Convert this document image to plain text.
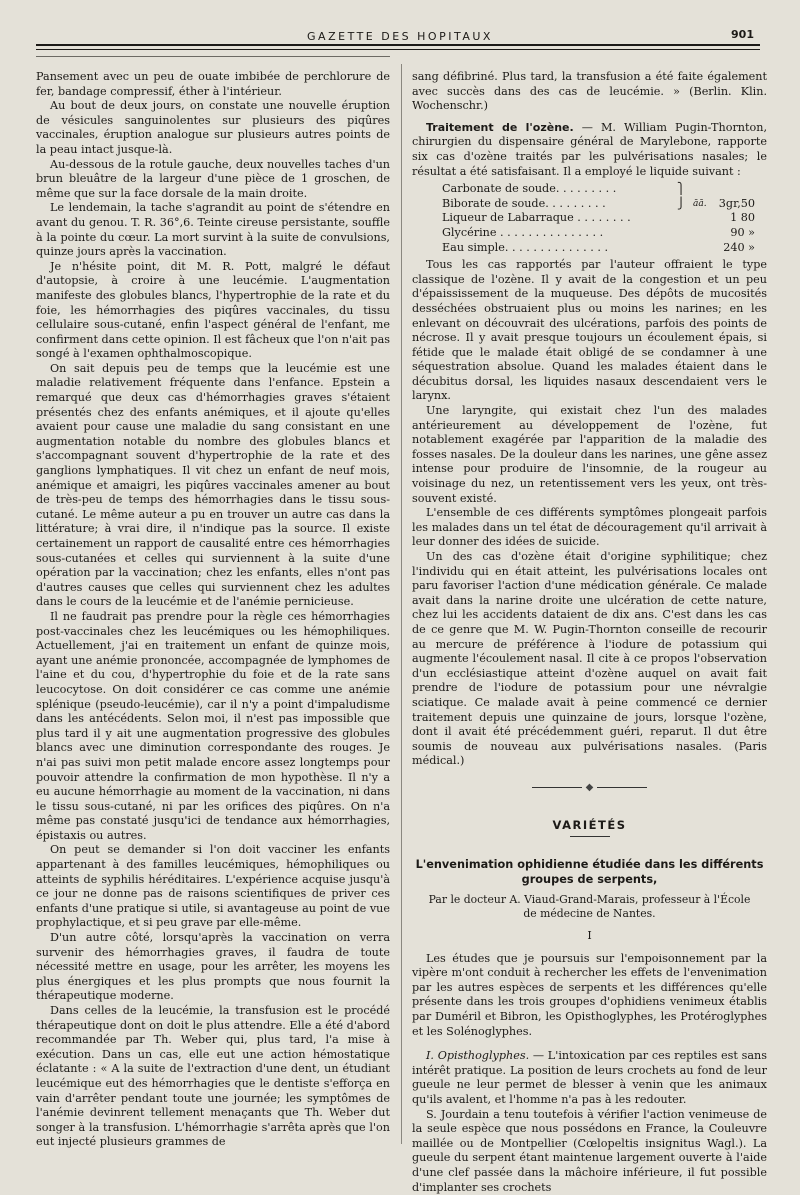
GAZETTE DES HOPITAUX	901

Pansement avec un peu de ouate imbibée de perchlorure de fer, bandage compressif, éther à l'intérieur.

Au bout de deux jours, on constate une nouvelle éruption de vésicules sanguinolentes sur plusieurs des piqûres vaccinales, éruption analogue sur plusieurs autres points de la peau intact jusque-là.

Au-dessous de la rotule gauche, deux nouvelles taches d'un brun bleuâtre de la largeur d'une pièce de 1 groschen, de même que sur la face dorsale de la main droite.

Le lendemain, la tache s'agrandit au point de s'étendre en avant du genou. T. R. 36°,6. Teinte cireuse persistante, souffle à la pointe du cœur. La mort survint à la suite de convulsions, quinze jours après la vaccination.

Je n'hésite point, dit M. R. Pott, malgré le défaut d'autopsie, à croire à une leucémie. L'augmentation manifeste des globules blancs, l'hypertrophie de la rate et du foie, les hémorrhagies des piqûres vaccinales, du tissu cellulaire sous-cutané, enfin l'aspect général de l'enfant, me confirment dans cette opinion. Il est fâcheux que l'on n'ait pas songé à l'examen ophthalmoscopique.

On sait depuis peu de temps que la leucémie est une maladie relativement fréquente dans l'enfance. Epstein a remarqué que deux cas d'hémorrhagies graves s'étaient présentés chez des enfants anémiques, et il ajoute qu'elles avaient pour cause une maladie du sang consistant en une augmentation notable du nombre des globules blancs et s'accompagnant souvent d'hypertrophie de la rate et des ganglions lymphatiques. Il vit chez un enfant de neuf mois, anémique et amaigri, les piqûres vaccinales amener au bout de très-peu de temps des hémorrhagies dans le tissu sous-cutané. Le même auteur a pu en trouver un autre cas dans la littérature; à vrai dire, il n'indique pas la source. Il existe certainement un rapport de causalité entre ces hémorrhagies sous-cutanées et celles qui surviennent à la suite d'une opération par la vaccination; chez les enfants, elles n'ont pas d'autres causes que celles qui surviennent chez les adultes dans le cours de la leucémie et de l'anémie pernicieuse.

Il ne faudrait pas prendre pour la règle ces hémorrhagies post-vaccinales chez les leucémiques ou les hémophiliques. Actuellement, j'ai en traitement un enfant de quinze mois, ayant une anémie prononcée, accompagnée de lymphomes de l'aine et du cou, d'hypertrophie du foie et de la rate sans leucocytose. On doit considérer ce cas comme une anémie splénique (pseudo-leucémie), car il n'y a point d'impaludisme dans les antécédents. Selon moi, il n'est pas impossible que plus tard il y ait une augmentation progressive des globules blancs avec une diminution correspondante des rouges. Je n'ai pas suivi mon petit malade encore assez longtemps pour pouvoir attendre la confirmation de mon hypothèse. Il n'y a eu aucune hémorrhagie au moment de la vaccination, ni dans le tissu sous-cutané, ni par les orifices des piqûres. On n'a même pas constaté jusqu'ici de tendance aux hémorrhagies, épistaxis ou autres.

On peut se demander si l'on doit vacciner les enfants appartenant à des familles leucémiques, hémophiliques ou atteints de syphilis héréditaires. L'expérience acquise jusqu'à ce jour ne donne pas de raisons scientifiques de priver ces enfants d'une pratique si utile, si avantageuse au point de vue prophylactique, et si peu grave par elle-même.

D'un autre côté, lorsqu'après la vaccination on verra survenir des hémorrhagies graves, il faudra de toute nécessité mettre en usage, pour les arrêter, les moyens les plus énergiques et les plus prompts que nous fournit la thérapeutique moderne.

Dans celles de la leucémie, la transfusion est le procédé thérapeutique dont on doit le plus attendre. Elle a été d'abord recommandée par Th. Weber qui, plus tard, l'a mise à exécution. Dans un cas, elle eut une action hémostatique éclatante : « A la suite de l'extraction d'une dent, un étudiant leucémique eut des hémorrhagies que le dentiste s'efforça en vain d'arrêter pendant toute une journée; les symptômes de l'anémie devinrent tellement menaçants que Th. Weber dut songer à la transfusion. L'hémorrhagie s'arrêta après que l'on eut injecté plusieurs grammes de

sang défibriné. Plus tard, la transfusion a été faite également avec succès dans des cas de leucémie. » (Berlin. Klin. Wochenschr.)

Traitement de l'ozène. — M. William Pugin-Thornton, chirurgien du dispensaire général de Marylebone, rapporte six cas d'ozène traités par les pulvérisations nasales; le résultat a été satisfaisant. Il a employé le liquide suivant :

Carbonate de soude. . . . . . . . .	⎫
Biborate de soude. . . . . . . . .	⎭ āā.	3gr,50
Liqueur de Labarraque . . . . . . . .	1 80
Glycérine . . . . . . . . . . . . . . .	90 »
Eau simple. . . . . . . . . . . . . . .	240 »

Tous les cas rapportés par l'auteur offraient le type classique de l'ozène. Il y avait de la congestion et un peu d'épaississement de la muqueuse. Des dépôts de mucosités desséchées obstruaient plus ou moins les narines; en les enlevant on découvrait des ulcérations, parfois des points de nécrose. Il y avait presque toujours un écoulement épais, si fétide que le malade était obligé de se condamner à une séquestration absolue. Quand les malades étaient dans le décubitus dorsal, les liquides nasaux descendaient vers le larynx.

Une laryngite, qui existait chez l'un des malades antérieurement au développement de l'ozène, fut notablement exagérée par l'apparition de la maladie des fosses nasales. De la douleur dans les narines, une gêne assez intense pour produire de l'insomnie, de la rougeur au voisinage du nez, un retentissement vers les yeux, ont très-souvent existé.

L'ensemble de ces différents symptômes plongeait parfois les malades dans un tel état de découragement qu'il arrivait à leur donner des idées de suicide.

Un des cas d'ozène était d'origine syphilitique; chez l'individu qui en était atteint, les pulvérisations locales ont paru favoriser l'action d'une médication générale. Ce malade avait dans la narine droite une ulcération de cette nature, chez lui les accidents dataient de dix ans. C'est dans les cas de ce genre que M. W. Pugin-Thornton conseille de recourir au mercure de préférence à l'iodure de potassium qui augmente l'écoulement nasal. Il cite à ce propos l'observation d'un ecclésiastique atteint d'ozène auquel on avait fait prendre de l'iodure de potassium pour une névralgie sciatique. Ce malade avait à peine commencé ce dernier traitement depuis une quinzaine de jours, lorsque l'ozène, dont il avait été précédemment guéri, reparut. Il dut être soumis de nouveau aux pulvérisations nasales. (Paris médical.)

◆
VARIÉTÉS
L'envenimation ophidienne étudiée dans les différents
groupes de serpents,
Par le docteur A. Viaud-Grand-Marais, professeur à l'École
de médecine de Nantes.
I

Les études que je poursuis sur l'empoisonnement par la vipère m'ont conduit à rechercher les effets de l'envenimation par les autres espèces de serpents et les différences qu'elle présente dans les trois groupes d'ophidiens venimeux établis par Duméril et Bibron, les Opisthoglyphes, les Protéroglyphes et les Solénoglyphes.

I. Opisthoglyphes. — L'intoxication par ces reptiles est sans intérêt pratique. La position de leurs crochets au fond de leur gueule ne leur permet de blesser à venin que les animaux qu'ils avalent, et l'homme n'a pas à les redouter.

S. Jourdain a tenu toutefois à vérifier l'action venimeuse de la seule espèce que nous possédons en France, la Couleuvre maillée ou de Montpellier (Cœlopeltis insignitus Wagl.). La gueule du serpent étant maintenue largement ouverte à l'aide d'une clef passée dans la mâchoire inférieure, il fut possible d'implanter ses crochets
